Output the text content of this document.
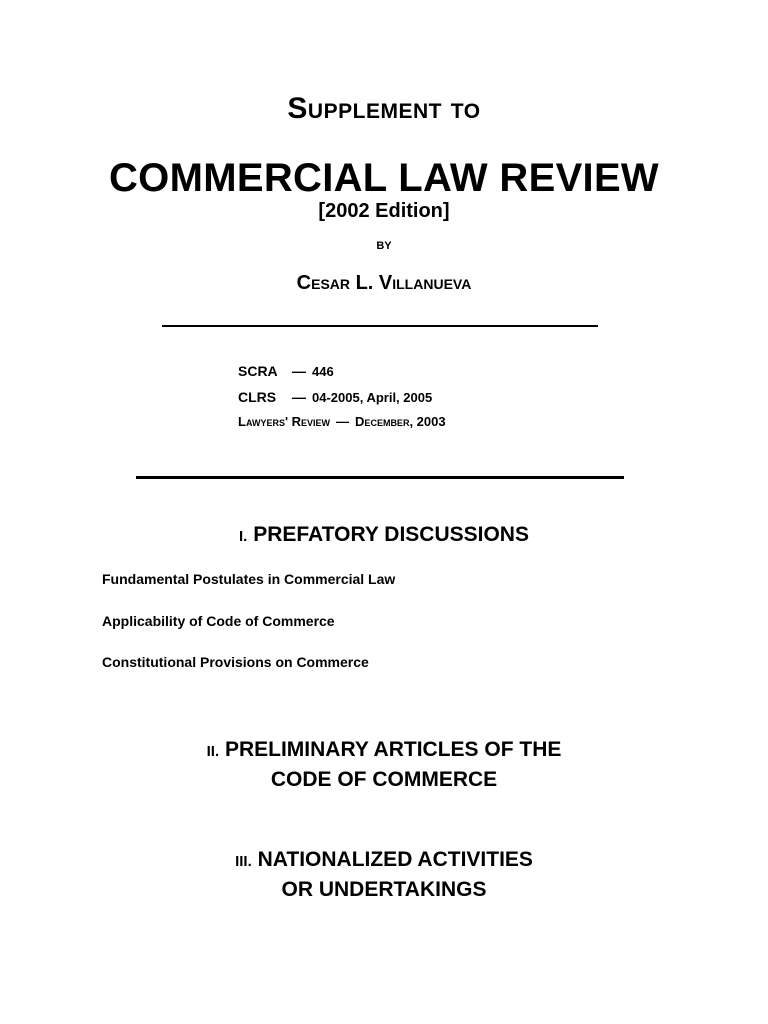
Supplement to
COMMERCIAL LAW REVIEW
[2002 Edition]
BY
Cesar L. Villanueva
SCRA — 446
CLRS — 04-2005, April, 2005
Lawyers' Review — December, 2003
I. PREFATORY DISCUSSIONS
Fundamental Postulates in Commercial Law
Applicability of Code of Commerce
Constitutional Provisions on Commerce
II. PRELIMINARY ARTICLES OF THE
CODE OF COMMERCE
III. NATIONALIZED ACTIVITIES
OR UNDERTAKINGS
